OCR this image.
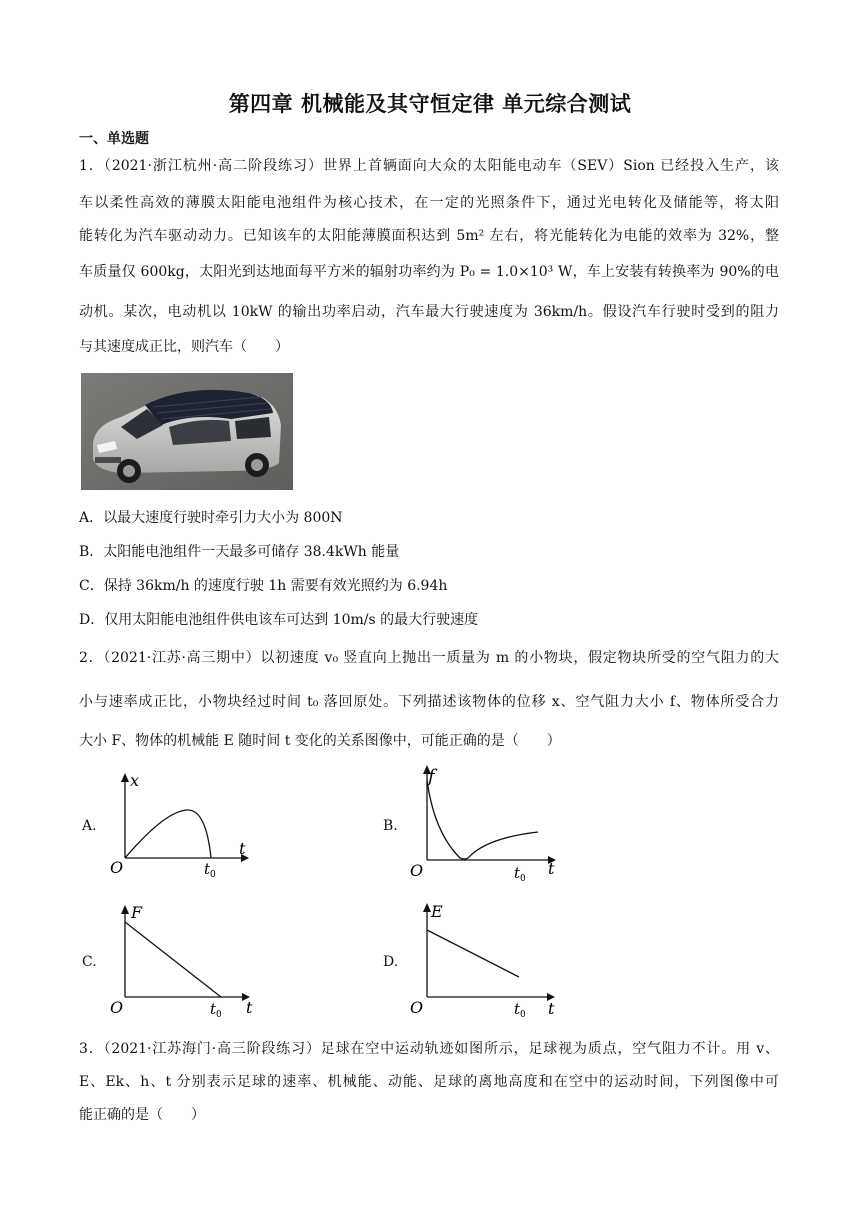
第四章 机械能及其守恒定律 单元综合测试
一、单选题
1．（2021·浙江杭州·高二阶段练习）世界上首辆面向大众的太阳能电动车（SEV）Sion 已经投入生产，该
车以柔性高效的薄膜太阳能电池组件为核心技术，在一定的光照条件下，通过光电转化及储能等，将太阳
能转化为汽车驱动动力。已知该车的太阳能薄膜面积达到 5m² 左右，将光能转化为电能的效率为 32%，整
车质量仅 600kg，太阳光到达地面每平方米的辐射功率约为 P₀ = 1.0×10³ W，车上安装有转换率为 90%的电
动机。某次，电动机以 10kW 的输出功率启动，汽车最大行驶速度为 36km/h。假设汽车行驶时受到的阻力
与其速度成正比，则汽车（　　）
A．以最大速度行驶时牵引力大小为 800N
B．太阳能电池组件一天最多可储存 38.4kWh 能量
C．保持 36km/h 的速度行驶 1h 需要有效光照约为 6.94h
D．仅用太阳能电池组件供电该车可达到 10m/s 的最大行驶速度
2．（2021·江苏·高三期中）以初速度 v₀ 竖直向上抛出一质量为 m 的小物块，假定物块所受的空气阻力的大
小与速率成正比，小物块经过时间 t₀ 落回原处。下列描述该物体的位移 x、空气阻力大小 f、物体所受合力
大小 F、物体的机械能 E 随时间 t 变化的关系图像中，可能正确的是（　　）
A.
x
t
O	$t_0$
B.
f
t
O	$t_0$
C.
F
t
O	$t_0$
D.
E
t
O	$t_0$
3．（2021·江苏海门·高三阶段练习）足球在空中运动轨迹如图所示，足球视为质点，空气阻力不计。用 v、
E、Ek、h、t 分别表示足球的速率、机械能、动能、足球的离地高度和在空中的运动时间，下列图像中可
能正确的是（　　）
